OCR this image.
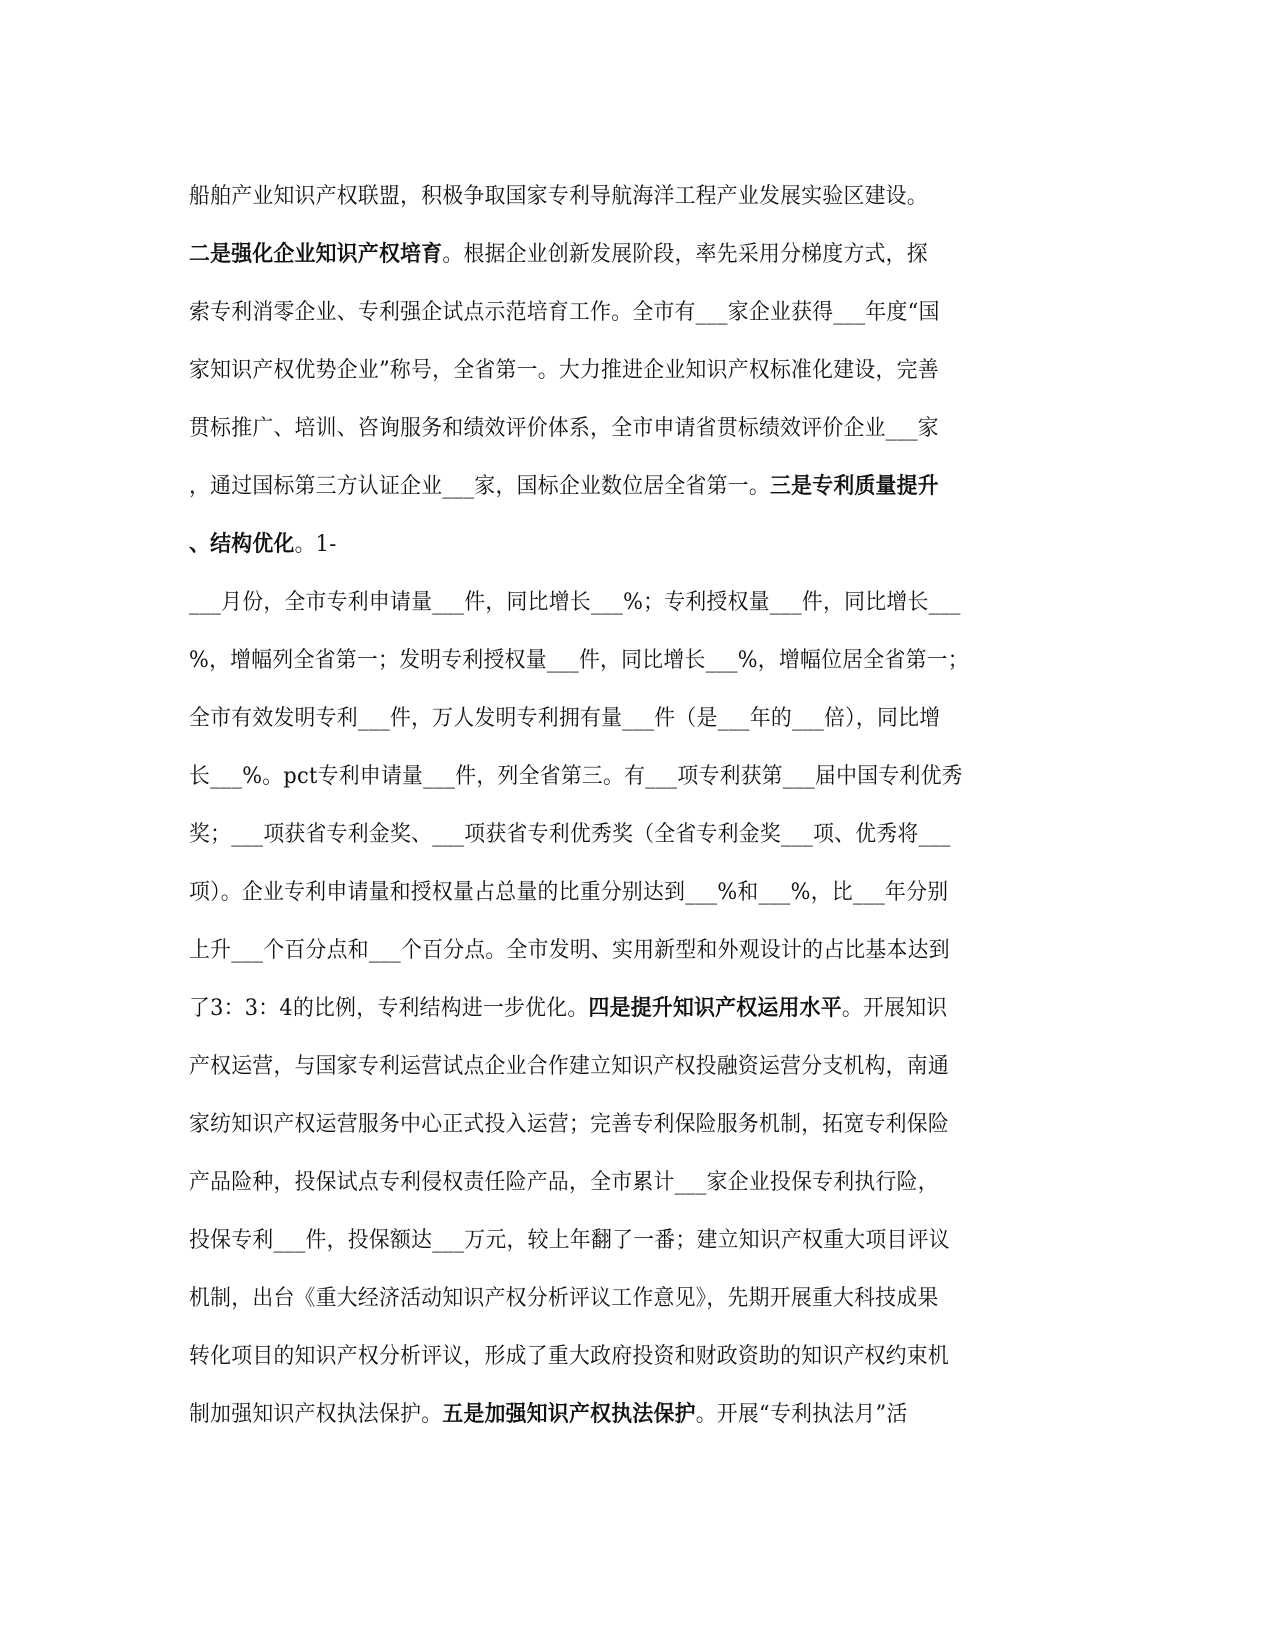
船舶产业知识产权联盟，积极争取国家专利导航海洋工程产业发展实验区建设。
二是强化企业知识产权培育。根据企业创新发展阶段，率先采用分梯度方式，探
索专利消零企业、专利强企试点示范培育工作。全市有___家企业获得___年度“国
家知识产权优势企业”称号，全省第一。大力推进企业知识产权标准化建设，完善
贯标推广、培训、咨询服务和绩效评价体系，全市申请省贯标绩效评价企业___家
，通过国标第三方认证企业___家，国标企业数位居全省第一。三是专利质量提升
、结构优化。1-
___月份，全市专利申请量___件，同比增长___%；专利授权量___件，同比增长___
%，增幅列全省第一；发明专利授权量___件，同比增长___%，增幅位居全省第一；
全市有效发明专利___件，万人发明专利拥有量___件（是___年的___倍），同比增
长___%。pct专利申请量___件，列全省第三。有___项专利获第___届中国专利优秀
奖；___项获省专利金奖、___项获省专利优秀奖（全省专利金奖___项、优秀将___
项）。企业专利申请量和授权量占总量的比重分别达到___%和___%，比___年分别
上升___个百分点和___个百分点。全市发明、实用新型和外观设计的占比基本达到
了3：3：4的比例，专利结构进一步优化。四是提升知识产权运用水平。开展知识
产权运营，与国家专利运营试点企业合作建立知识产权投融资运营分支机构，南通
家纺知识产权运营服务中心正式投入运营；完善专利保险服务机制，拓宽专利保险
产品险种，投保试点专利侵权责任险产品，全市累计___家企业投保专利执行险，
投保专利___件，投保额达___万元，较上年翻了一番；建立知识产权重大项目评议
机制，出台《重大经济活动知识产权分析评议工作意见》，先期开展重大科技成果
转化项目的知识产权分析评议，形成了重大政府投资和财政资助的知识产权约束机
制加强知识产权执法保护。五是加强知识产权执法保护。开展“专利执法月”活
